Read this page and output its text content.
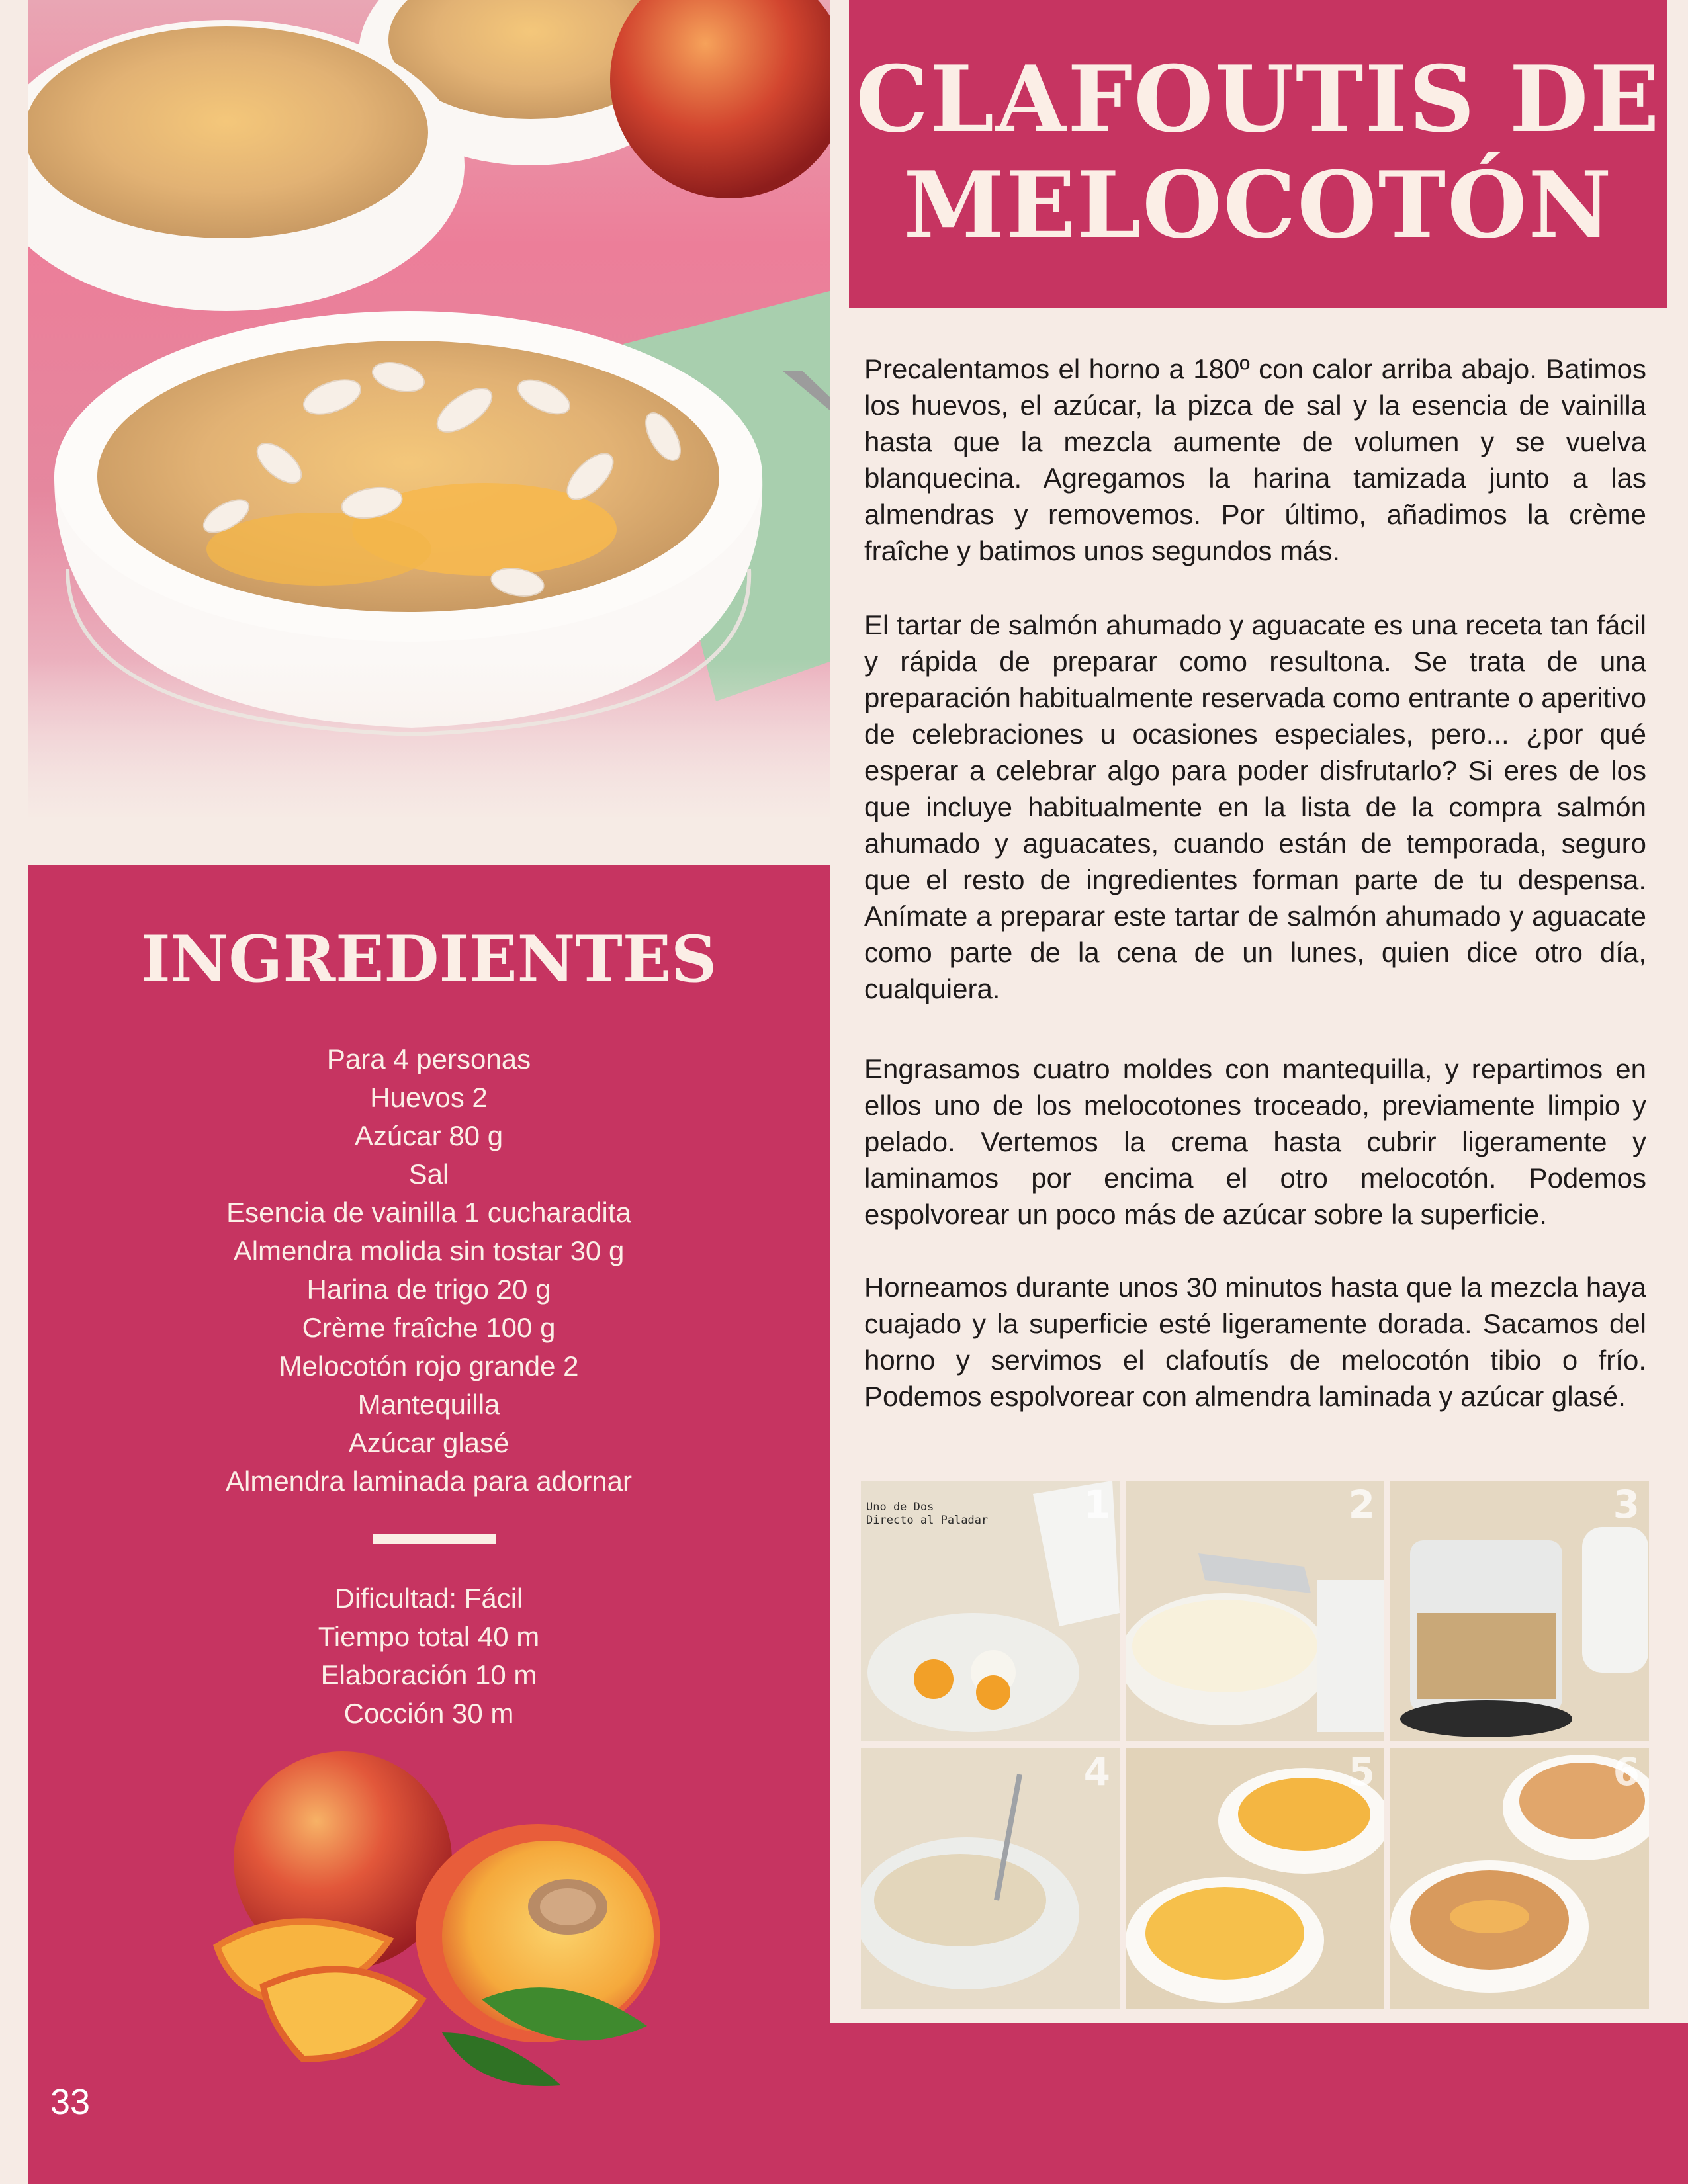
CLAFOUTIS DE
MELOCOTÓN

Precalentamos el horno a 180º con calor arriba abajo. Batimos los huevos, el azúcar, la pizca de sal y la esencia de vainilla hasta que la mezcla aumente de volumen y se vuelva blanquecina. Agregamos la harina tamizada junto a las almendras y removemos. Por último, añadimos la crème fraîche y batimos unos segundos más.

El tartar de salmón ahumado y aguacate es una receta tan fácil y rápida de preparar como resultona. Se trata de una preparación habitualmente reservada como entrante o aperitivo de celebraciones u ocasiones especiales, pero... ¿por qué esperar a celebrar algo para poder disfrutarlo? Si eres de los que incluye habitualmente en la lista de la compra salmón ahumado y aguacates, cuando están de temporada, seguro que el resto de ingredientes forman parte de tu despensa. Anímate a preparar este tartar de salmón ahumado y aguacate como parte de la cena de un lunes, quien dice otro día, cualquiera.

Engrasamos cuatro moldes con mantequilla, y repartimos en ellos uno de los melocotones troceado, previamente limpio y pelado. Vertemos la crema hasta cubrir ligeramente y laminamos por encima el otro melocotón. Podemos espolvorear un poco más de azúcar sobre la superficie.

Horneamos durante unos 30 minutos hasta que la mezcla haya cuajado y la superficie esté ligeramente dorada. Sacamos del horno y servimos el clafoutís de melocotón tibio o frío. Podemos espolvorear con almendra laminada y azúcar glasé.

Uno de Dos
Directo al Paladar 1	2	3
4	5	6
INGREDIENTES
Para 4 personas
Huevos 2
Azúcar 80 g
Sal
Esencia de vainilla 1 cucharadita
Almendra molida sin tostar 30 g
Harina de trigo 20 g
Crème fraîche 100 g
Melocotón rojo grande 2
Mantequilla
Azúcar glasé
Almendra laminada para adornar
Dificultad: Fácil
Tiempo total 40 m
Elaboración 10 m
Cocción 30 m
33
